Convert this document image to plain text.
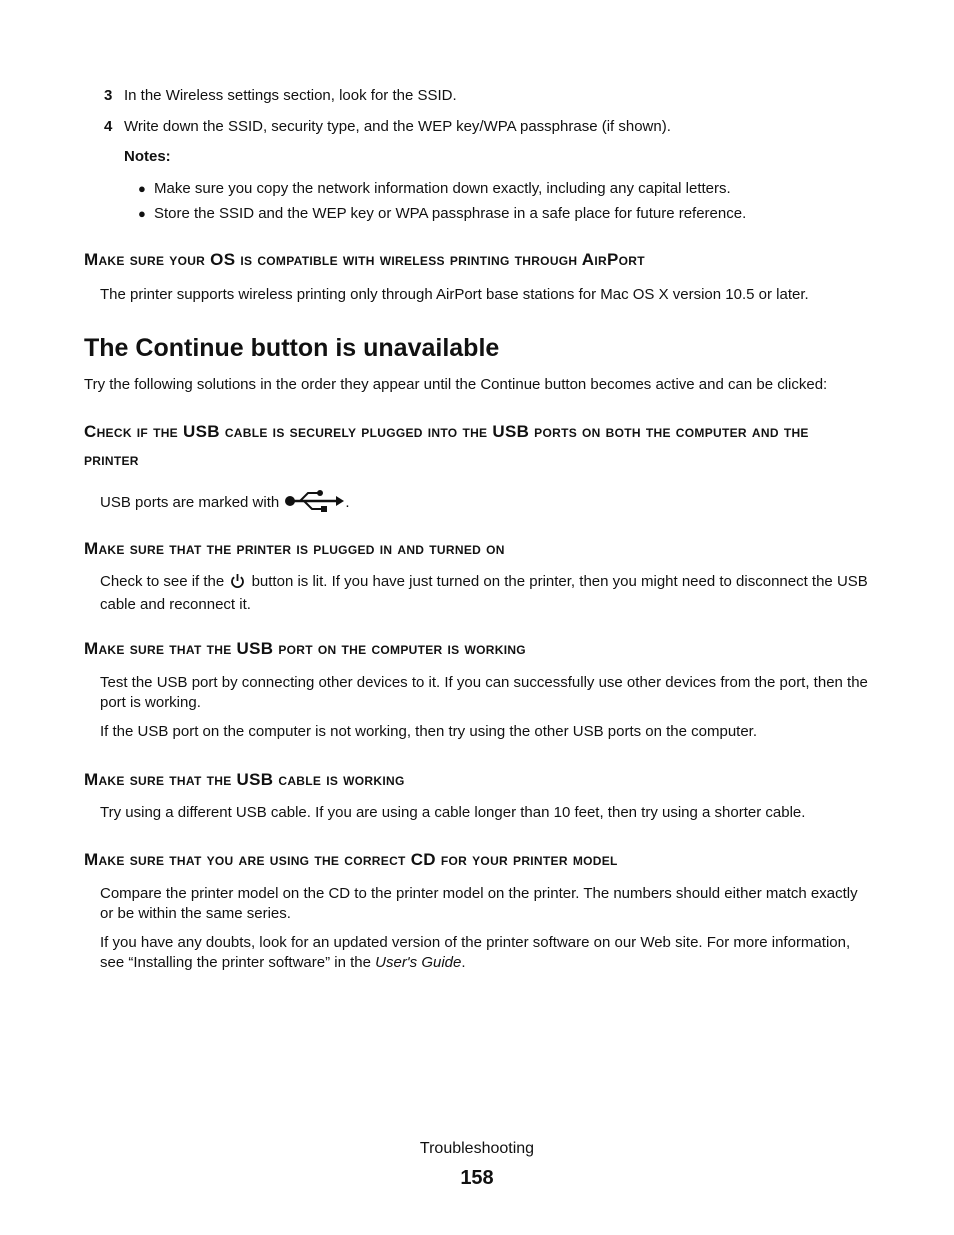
3 In the Wireless settings section, look for the SSID.
4 Write down the SSID, security type, and the WEP key/WPA passphrase (if shown).
Notes:
● Make sure you copy the network information down exactly, including any capital letters.
● Store the SSID and the WEP key or WPA passphrase in a safe place for future reference.
Make sure your OS is compatible with wireless printing through AirPort
The printer supports wireless printing only through AirPort base stations for Mac OS X version 10.5 or later.
The Continue button is unavailable
Try the following solutions in the order they appear until the Continue button becomes active and can be clicked:
Check if the USB cable is securely plugged into the USB ports on both the computer and the printer
USB ports are marked with	.
Make sure that the printer is plugged in and turned on
Check to see if the button is lit. If you have just turned on the printer, then you might need to disconnect the USB cable and reconnect it.
Make sure that the USB port on the computer is working
Test the USB port by connecting other devices to it. If you can successfully use other devices from the port, then the port is working.
If the USB port on the computer is not working, then try using the other USB ports on the computer.
Make sure that the USB cable is working
Try using a different USB cable. If you are using a cable longer than 10 feet, then try using a shorter cable.
Make sure that you are using the correct CD for your printer model
Compare the printer model on the CD to the printer model on the printer. The numbers should either match exactly or be within the same series.
If you have any doubts, look for an updated version of the printer software on our Web site. For more information, see “Installing the printer software” in the User's Guide.
Troubleshooting
158
